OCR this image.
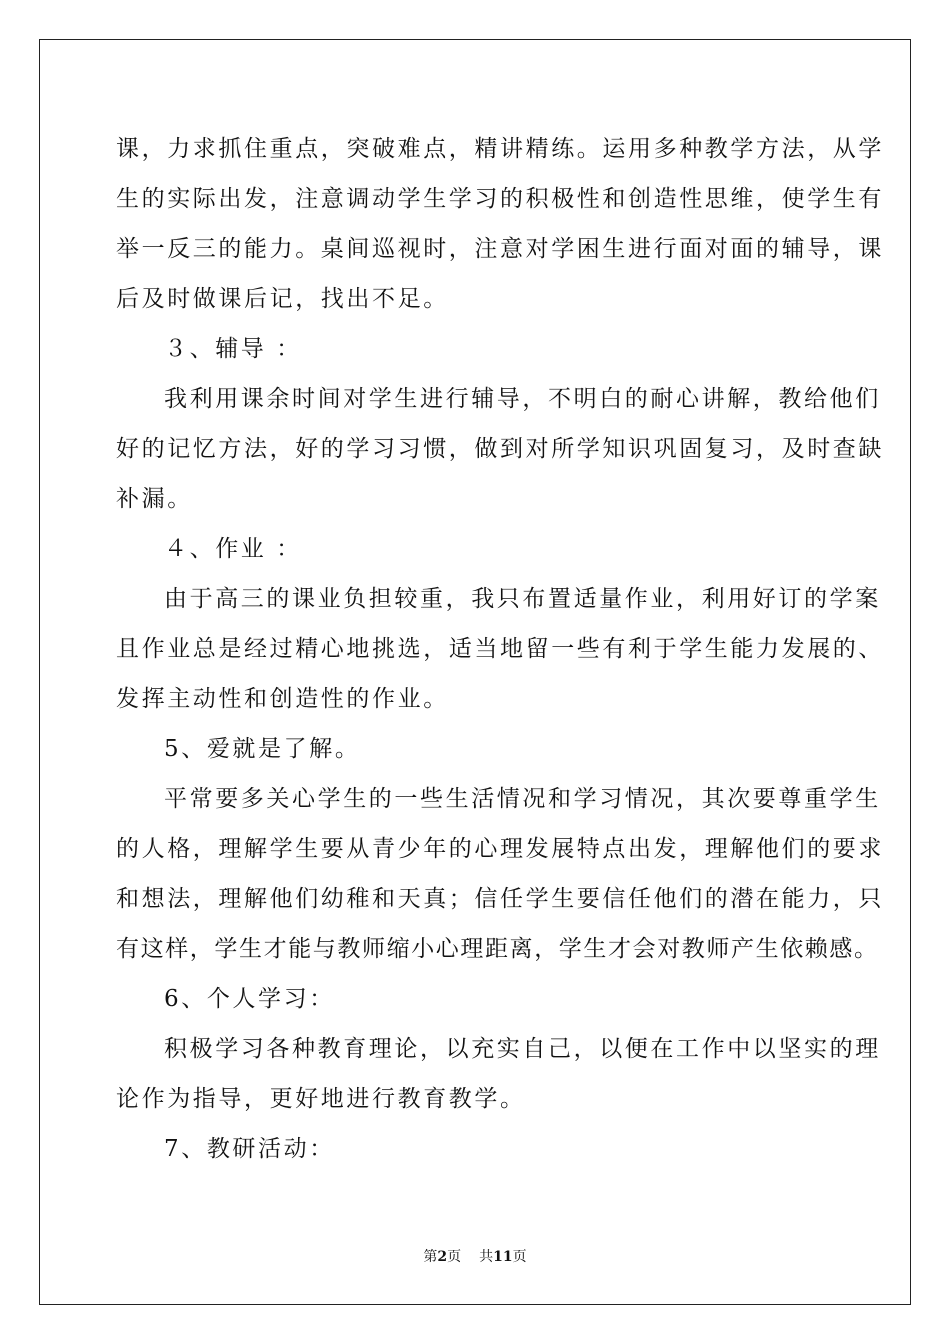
课，力求抓住重点，突破难点，精讲精练。运用多种教学方法，从学
生的实际出发，注意调动学生学习的积极性和创造性思维，使学生有
举一反三的能力。桌间巡视时，注意对学困生进行面对面的辅导，课
后及时做课后记，找出不足。
３、辅导 ：
我利用课余时间对学生进行辅导，不明白的耐心讲解，教给他们
好的记忆方法，好的学习习惯，做到对所学知识巩固复习，及时查缺
补漏。
４、作业 ：
由于高三的课业负担较重，我只布置适量作业，利用好订的学案
且作业总是经过精心地挑选，适当地留一些有利于学生能力发展的、
发挥主动性和创造性的作业。
5、爱就是了解。
平常要多关心学生的一些生活情况和学习情况，其次要尊重学生
的人格，理解学生要从青少年的心理发展特点出发，理解他们的要求
和想法，理解他们幼稚和天真；信任学生要信任他们的潜在能力，只
有这样，学生才能与教师缩小心理距离，学生才会对教师产生依赖感。
6、个人学习：
积极学习各种教育理论，以充实自己，以便在工作中以坚实的理
论作为指导，更好地进行教育教学。
7、教研活动：
第2页 共11页
